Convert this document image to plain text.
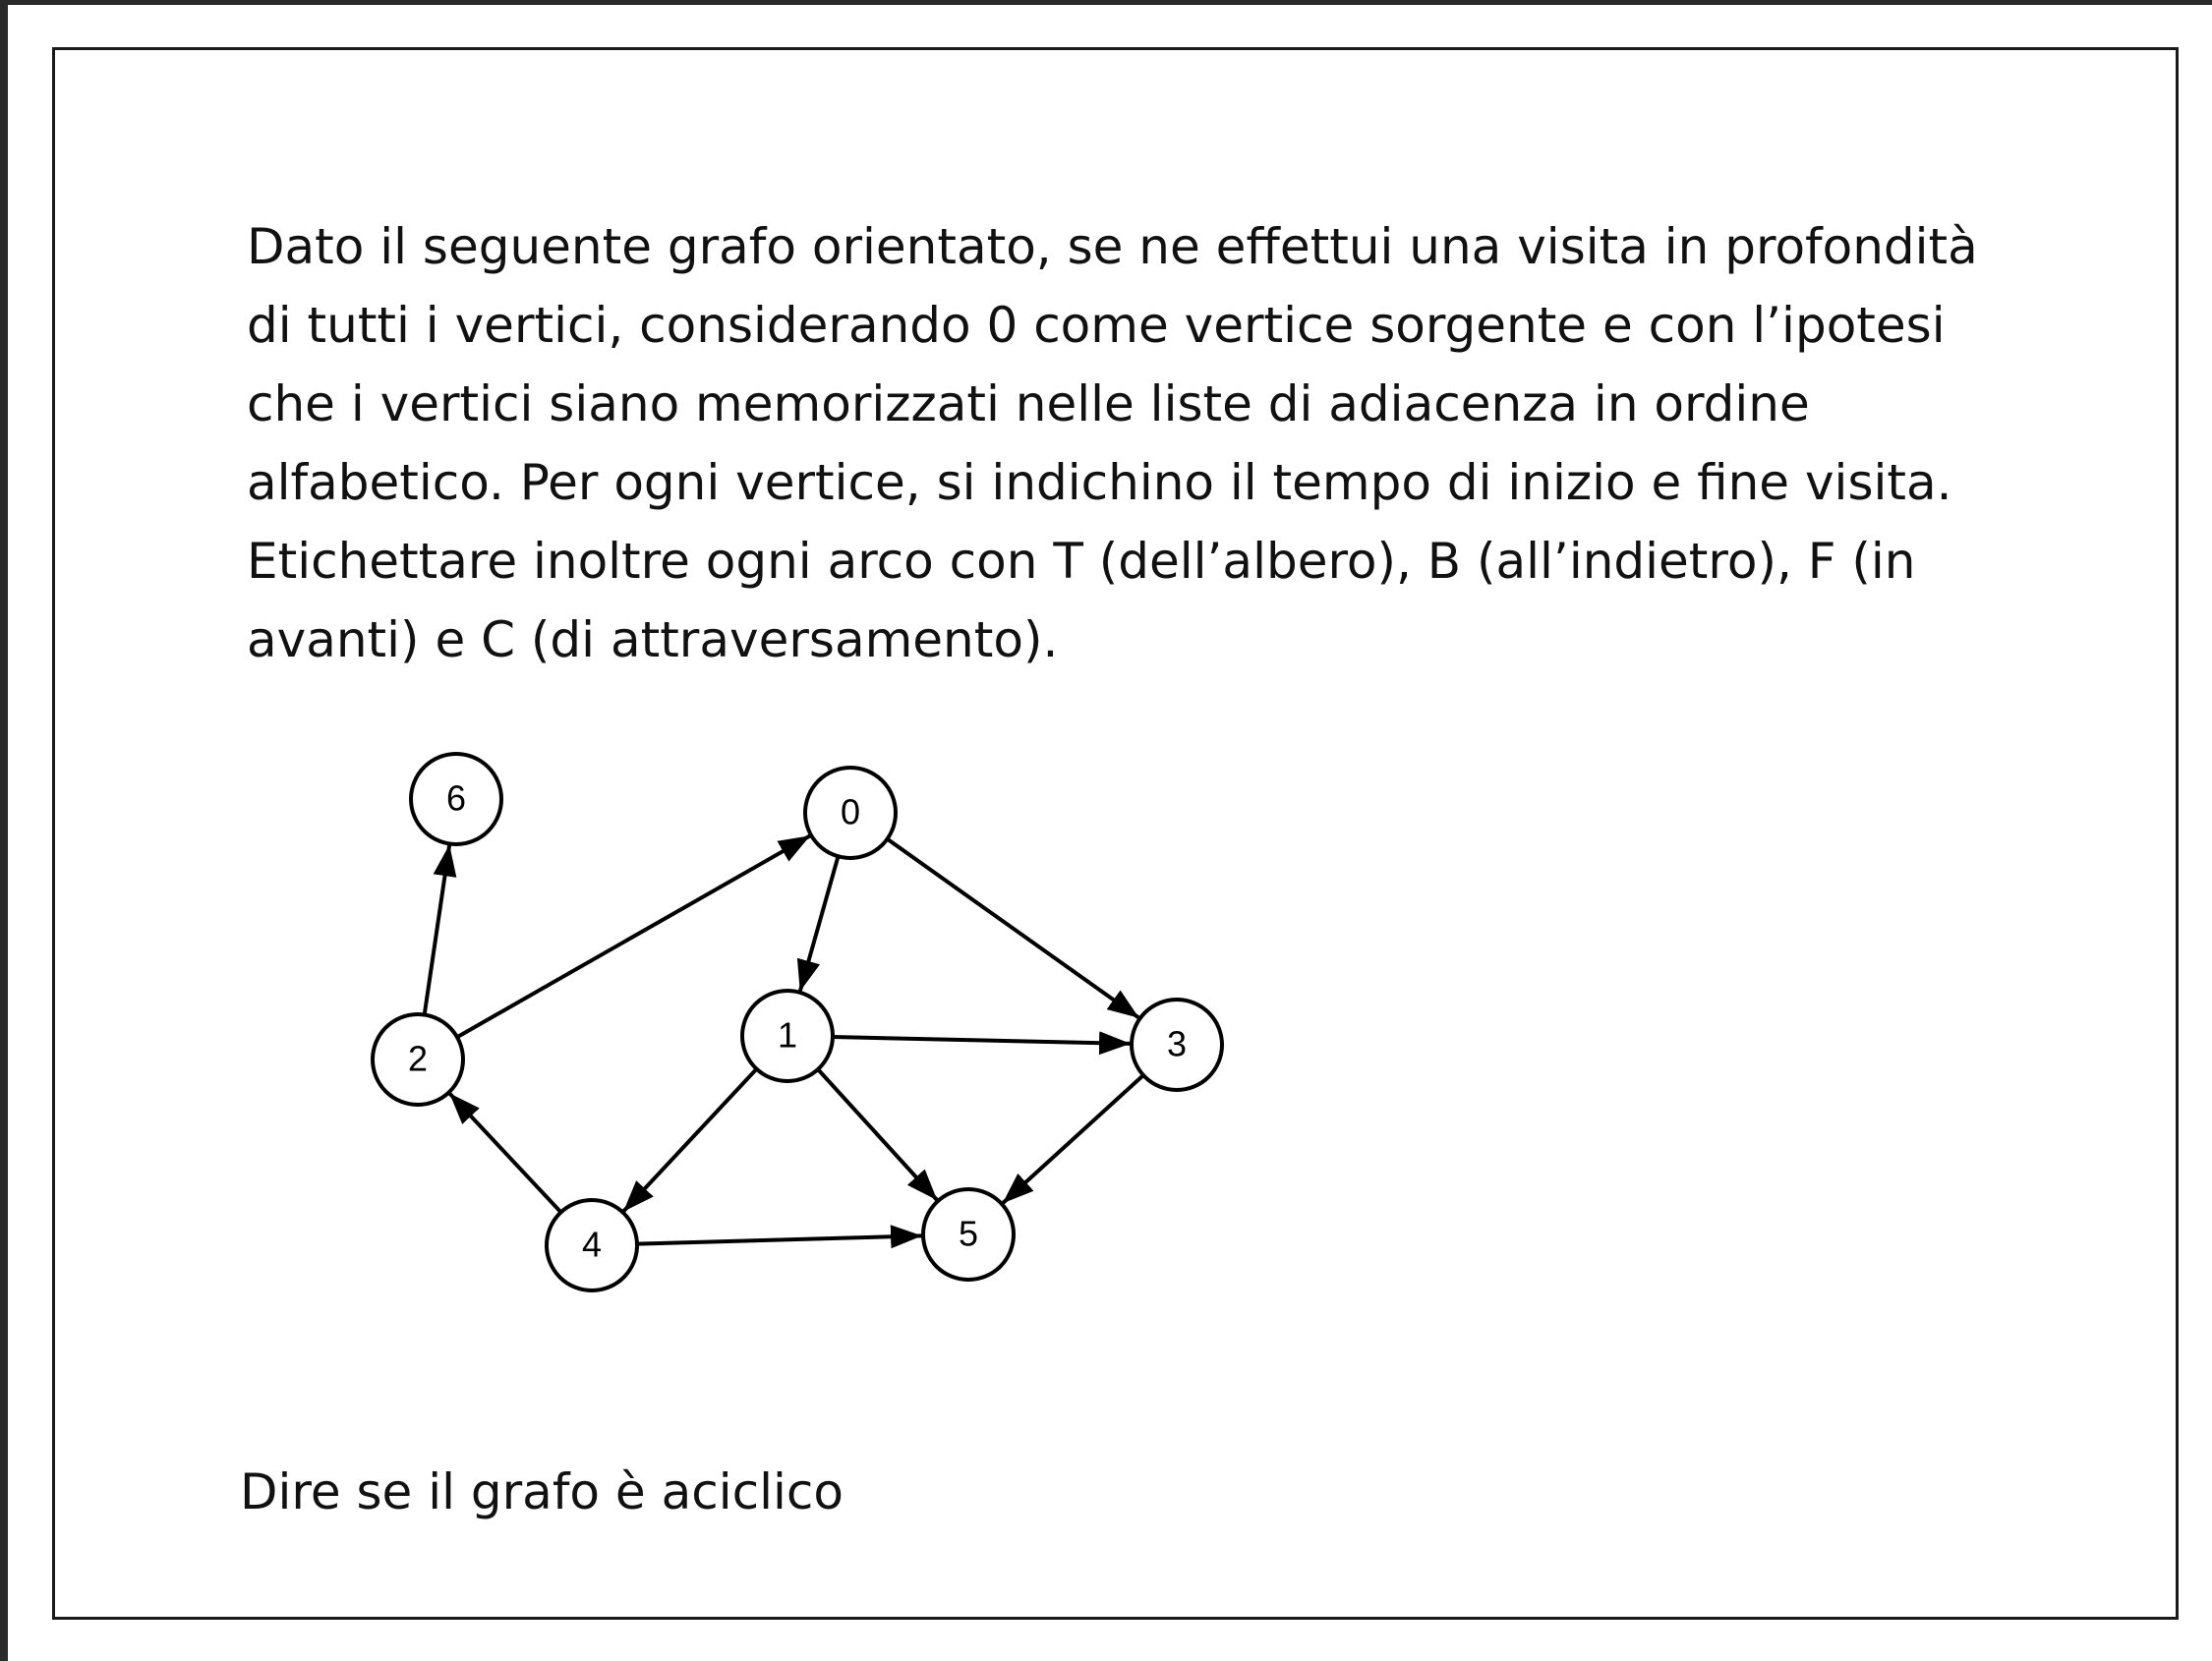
Dato il seguente grafo orientato, se ne effettui una visita in profondità
di tutti i vertici, considerando 0 come vertice sorgente e con l’ipotesi
che i vertici siano memorizzati nelle liste di adiacenza in ordine
alfabetico. Per ogni vertice, si indichino il tempo di inizio e fine visita.
Etichettare inoltre ogni arco con T (dell’albero), B (all’indietro), F (in
avanti) e C (di attraversamento).

0
1
2	3
4	5
6

Dire se il grafo è aciclico
